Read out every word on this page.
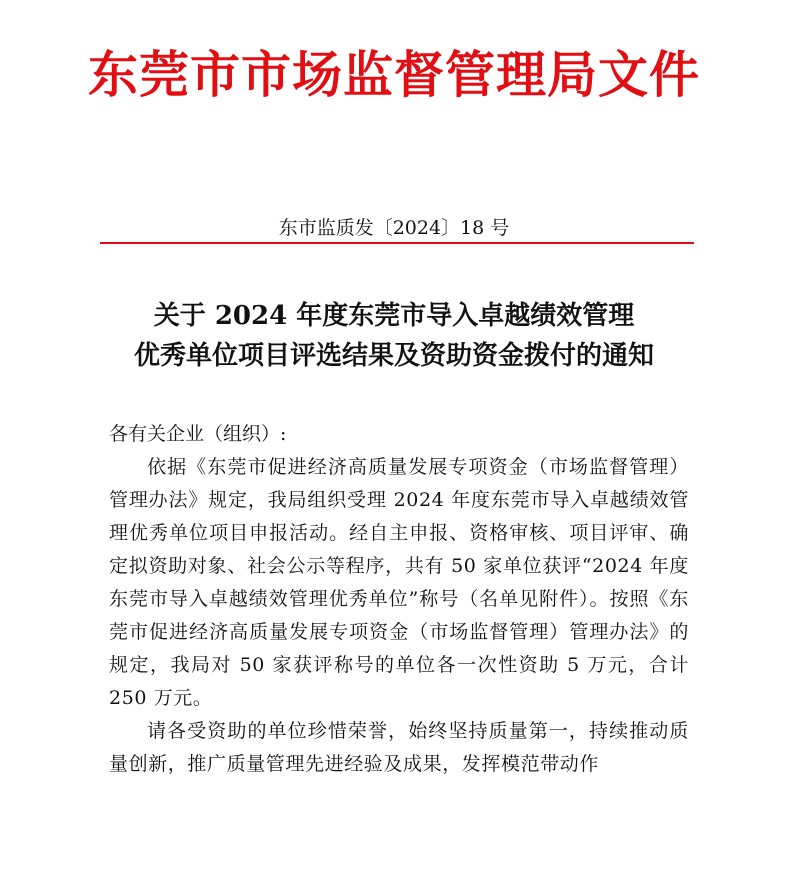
东莞市市场监督管理局文件
东市监质发〔2024〕18 号
关于 2024 年度东莞市导入卓越绩效管理
优秀单位项目评选结果及资助资金拨付的通知

各有关企业（组织）:

依据《东莞市促进经济高质量发展专项资金（市场监督管理）管理办法》规定，我局组织受理 2024 年度东莞市导入卓越绩效管理优秀单位项目申报活动。经自主申报、资格审核、项目评审、确定拟资助对象、社会公示等程序，共有 50 家单位获评“2024 年度东莞市导入卓越绩效管理优秀单位”称号（名单见附件）。按照《东莞市促进经济高质量发展专项资金（市场监督管理）管理办法》的规定，我局对 50 家获评称号的单位各一次性资助 5 万元，合计 250 万元。

请各受资助的单位珍惜荣誉，始终坚持质量第一，持续推动质量创新，推广质量管理先进经验及成果，发挥模范带动作
